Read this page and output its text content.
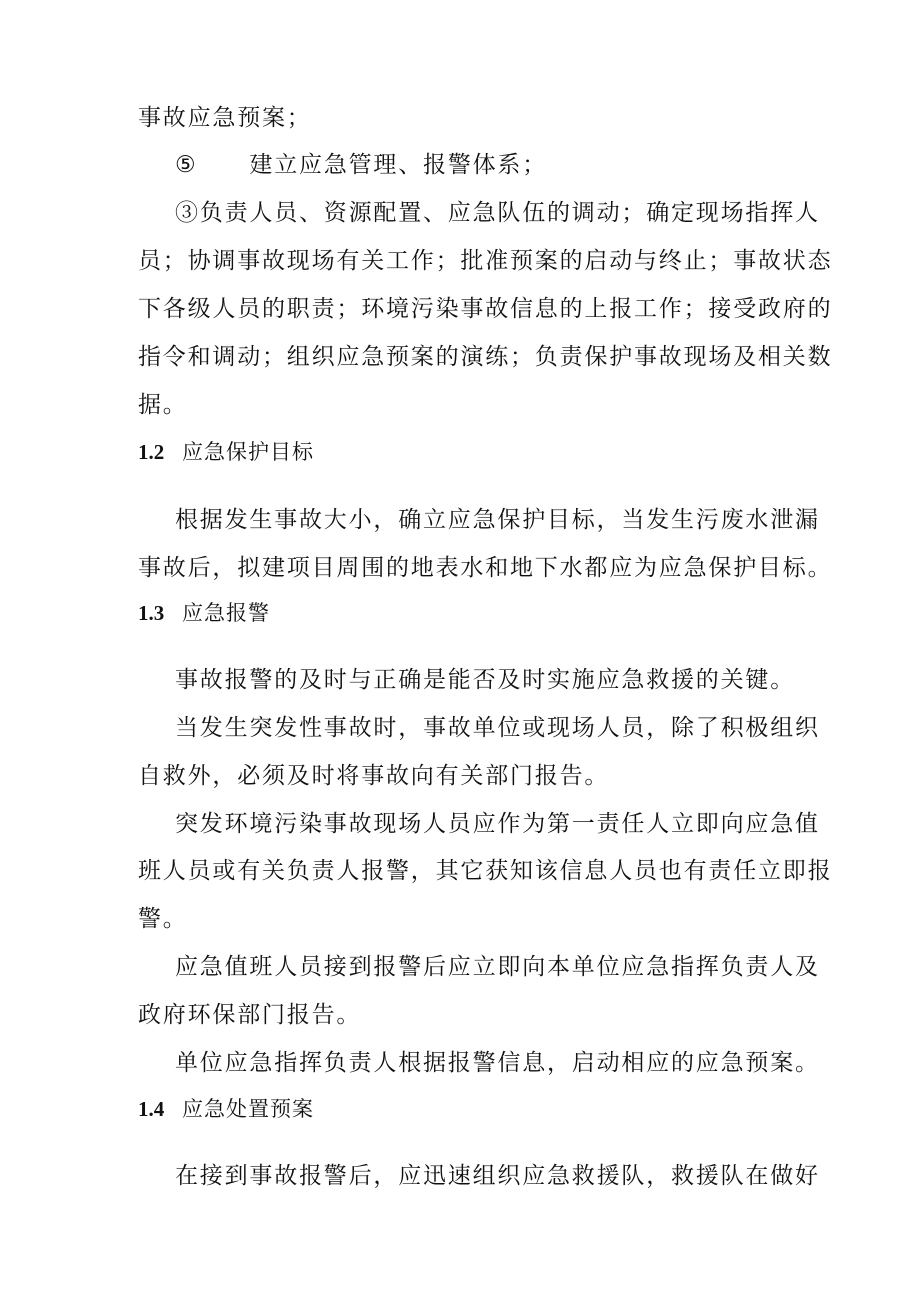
事故应急预案；
⑤ 建立应急管理、报警体系；
③负责人员、资源配置、应急队伍的调动；确定现场指挥人
员；协调事故现场有关工作；批准预案的启动与终止；事故状态
下各级人员的职责；环境污染事故信息的上报工作；接受政府的
指令和调动；组织应急预案的演练；负责保护事故现场及相关数
据。
1.2 应急保护目标
根据发生事故大小，确立应急保护目标，当发生污废水泄漏
事故后，拟建项目周围的地表水和地下水都应为应急保护目标。
1.3 应急报警
事故报警的及时与正确是能否及时实施应急救援的关键。
当发生突发性事故时，事故单位或现场人员，除了积极组织
自救外，必须及时将事故向有关部门报告。
突发环境污染事故现场人员应作为第一责任人立即向应急值
班人员或有关负责人报警，其它获知该信息人员也有责任立即报
警。
应急值班人员接到报警后应立即向本单位应急指挥负责人及
政府环保部门报告。
单位应急指挥负责人根据报警信息，启动相应的应急预案。
1.4 应急处置预案
在接到事故报警后，应迅速组织应急救援队，救援队在做好
